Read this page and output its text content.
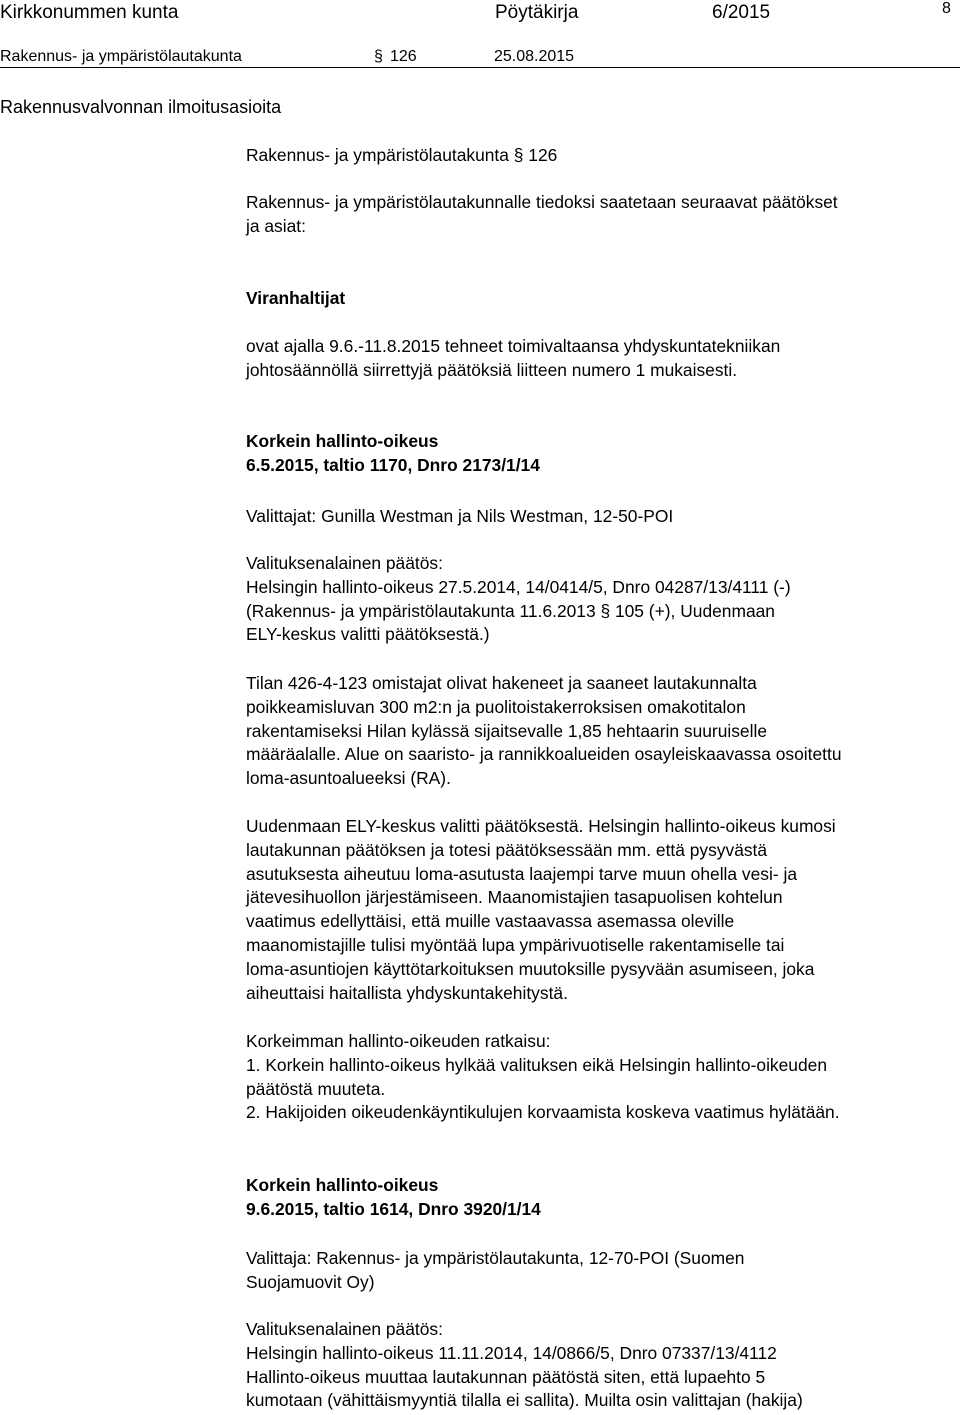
Kirkkonummen kunta	Pöytäkirja	6/2015	8
Rakennus- ja ympäristölautakunta	§ 126	25.08.2015
Rakennusvalvonnan ilmoitusasioita
Rakennus- ja ympäristölautakunta § 126
Rakennus- ja ympäristölautakunnalle tiedoksi saatetaan seuraavat päätökset
ja asiat:
Viranhaltijat
ovat ajalla 9.6.-11.8.2015 tehneet toimivaltaansa yhdyskuntatekniikan
johtosäännöllä siirrettyjä päätöksiä liitteen numero 1 mukaisesti.
Korkein hallinto-oikeus
6.5.2015, taltio 1170, Dnro 2173/1/14
Valittajat: Gunilla Westman ja Nils Westman, 12-50-POI
Valituksenalainen päätös:
Helsingin hallinto-oikeus 27.5.2014, 14/0414/5, Dnro 04287/13/4111 (-)
(Rakennus- ja ympäristölautakunta 11.6.2013 § 105 (+), Uudenmaan
ELY-keskus valitti päätöksestä.)
Tilan 426-4-123 omistajat olivat hakeneet ja saaneet lautakunnalta
poikkeamisluvan 300 m2:n ja puolitoistakerroksisen omakotitalon
rakentamiseksi Hilan kylässä sijaitsevalle 1,85 hehtaarin suuruiselle
määräalalle. Alue on saaristo- ja rannikkoalueiden osayleiskaavassa osoitettu
loma-asuntoalueeksi (RA).
Uudenmaan ELY-keskus valitti päätöksestä. Helsingin hallinto-oikeus kumosi
lautakunnan päätöksen ja totesi päätöksessään mm. että pysyvästä
asutuksesta aiheutuu loma-asutusta laajempi tarve muun ohella vesi- ja
jätevesihuollon järjestämiseen. Maanomistajien tasapuolisen kohtelun
vaatimus edellyttäisi, että muille vastaavassa asemassa oleville
maanomistajille tulisi myöntää lupa ympärivuotiselle rakentamiselle tai
loma-asuntiojen käyttötarkoituksen muutoksille pysyvään asumiseen, joka
aiheuttaisi haitallista yhdyskuntakehitystä.
Korkeimman hallinto-oikeuden ratkaisu:
1. Korkein hallinto-oikeus hylkää valituksen eikä Helsingin hallinto-oikeuden
päätöstä muuteta.
2. Hakijoiden oikeudenkäyntikulujen korvaamista koskeva vaatimus hylätään.
Korkein hallinto-oikeus
9.6.2015, taltio 1614, Dnro 3920/1/14
Valittaja: Rakennus- ja ympäristölautakunta, 12-70-POI (Suomen
Suojamuovit Oy)
Valituksenalainen päätös:
Helsingin hallinto-oikeus 11.11.2014, 14/0866/5, Dnro 07337/13/4112
Hallinto-oikeus muuttaa lautakunnan päätöstä siten, että lupaehto 5
kumotaan (vähittäismyyntiä tilalla ei sallita). Muilta osin valittajan (hakija)
